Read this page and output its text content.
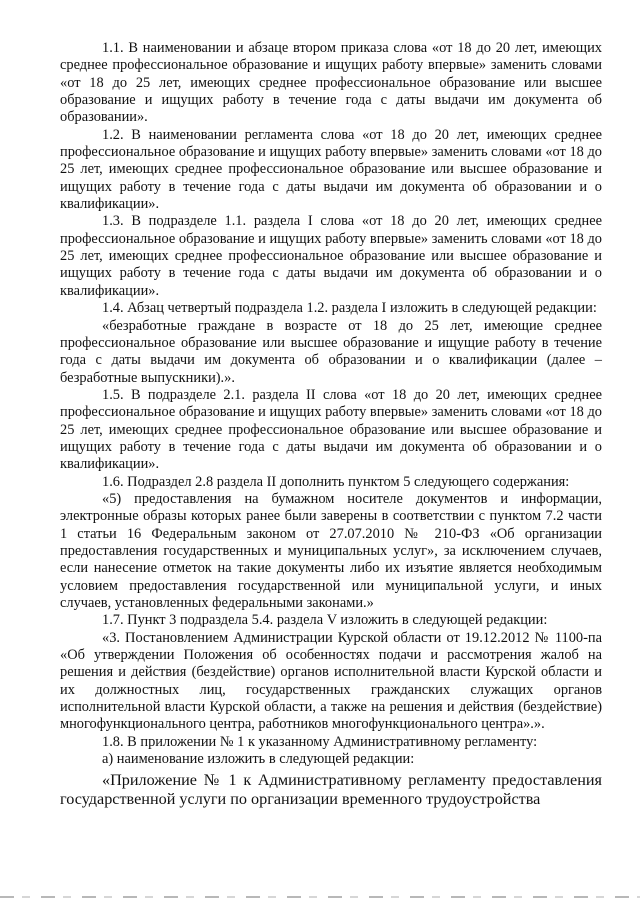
1.1. В наименовании и абзаце втором приказа слова «от 18 до 20 лет, имеющих среднее профессиональное образование и ищущих работу впервые» заменить словами «от 18 до 25 лет, имеющих среднее профессиональное образование или высшее образование и ищущих работу в течение года с даты выдачи им документа об образовании».

1.2. В наименовании регламента слова «от 18 до 20 лет, имеющих среднее профессиональное образование и ищущих работу впервые» заменить словами «от 18 до 25 лет, имеющих среднее профессиональное образование или высшее образование и ищущих работу в течение года с даты выдачи им документа об образовании и о квалификации».

1.3. В подразделе 1.1. раздела I слова «от 18 до 20 лет, имеющих среднее профессиональное образование и ищущих работу впервые» заменить словами «от 18 до 25 лет, имеющих среднее профессиональное образование или высшее образование и ищущих работу в течение года с даты выдачи им документа об образовании и о квалификации».

1.4. Абзац четвертый подраздела 1.2. раздела I изложить в следующей редакции:

«безработные граждане в возрасте от 18 до 25 лет, имеющие среднее профессиональное образование или высшее образование и ищущие работу в течение года с даты выдачи им документа об образовании и о квалификации (далее – безработные выпускники).».

1.5. В подразделе 2.1. раздела II слова «от 18 до 20 лет, имеющих среднее профессиональное образование и ищущих работу впервые» заменить словами «от 18 до 25 лет, имеющих среднее профессиональное образование или высшее образование и ищущих работу в течение года с даты выдачи им документа об образовании и о квалификации».

1.6. Подраздел 2.8 раздела II дополнить пунктом 5 следующего содержания:

«5) предоставления на бумажном носителе документов и информации, электронные образы которых ранее были заверены в соответствии с пунктом 7.2 части 1 статьи 16 Федеральным законом от 27.07.2010 № 210-ФЗ «Об организации предоставления государственных и муниципальных услуг», за исключением случаев, если нанесение отметок на такие документы либо их изъятие является необходимым условием предоставления государственной или муниципальной услуги, и иных случаев, установленных федеральными законами.»

1.7. Пункт 3 подраздела 5.4. раздела V изложить в следующей редакции:

«3. Постановлением Администрации Курской области от 19.12.2012 № 1100-па «Об утверждении Положения об особенностях подачи и рассмотрения жалоб на решения и действия (бездействие) органов исполнительной власти Курской области и их должностных лиц, государственных гражданских служащих органов исполнительной власти Курской области, а также на решения и действия (бездействие) многофункционального центра, работников многофункционального центра».».

1.8. В приложении № 1 к указанному Административному регламенту:

а) наименование изложить в следующей редакции:

«Приложение № 1 к Административному регламенту предоставления государственной услуги по организации временного трудоустройства
